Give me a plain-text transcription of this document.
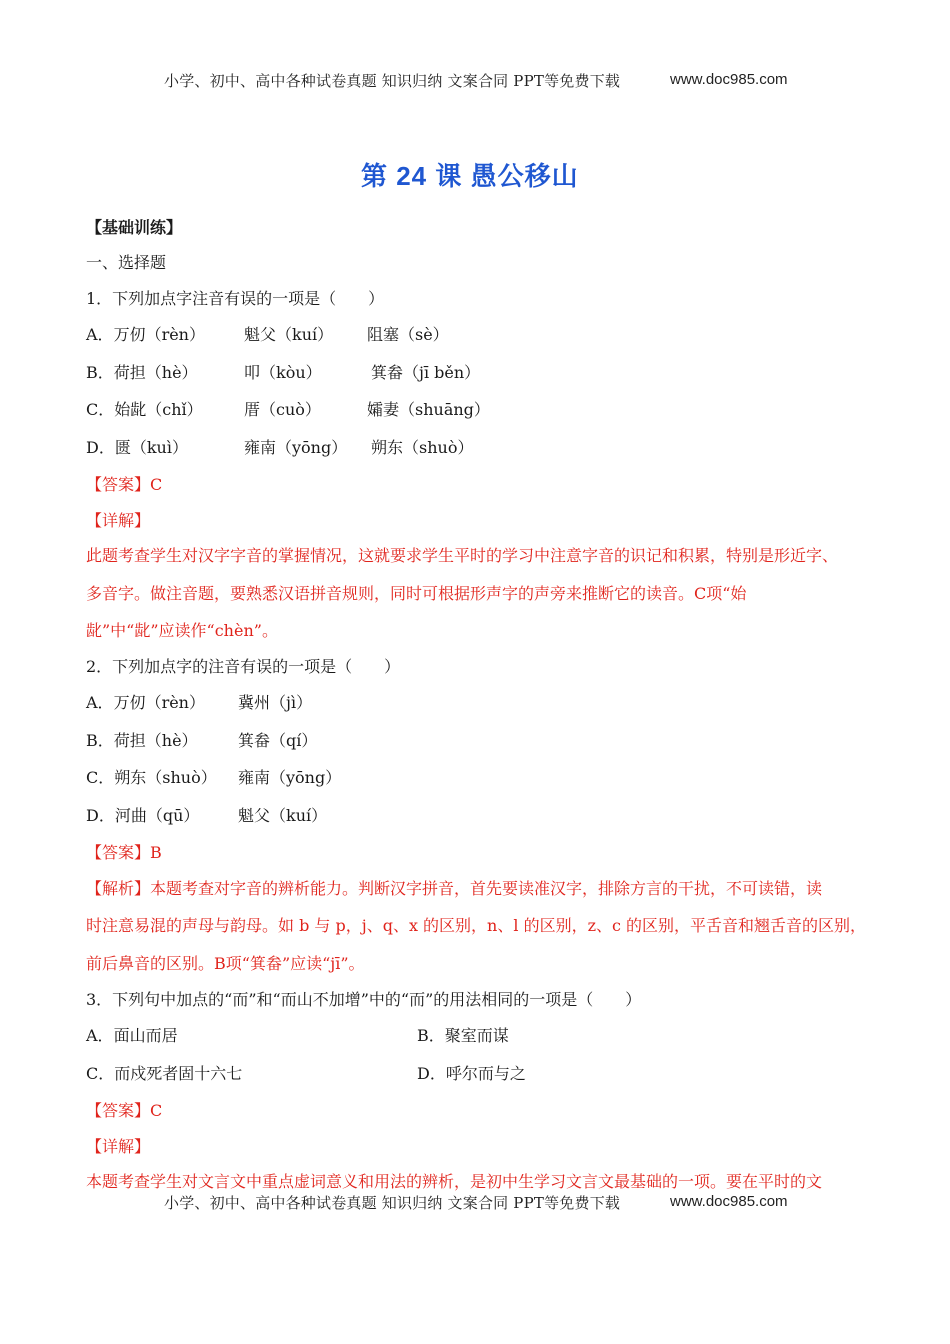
小学、初中、高中各种试卷真题 知识归纳 文案合同 PPT等免费下载	www.doc985.com
第 24 课 愚公移山
【基础训练】
一、选择题
1．下列加点字注音有误的一项是（　　）
A．万仞（rèn） 魁父（kuí） 阻塞（sè）
B．荷担（hè）	叩（kòu）	箕畚（jī běn）
C．始龀（chǐ）	厝（cuò）	孀妻（shuāng）
D．匮（kuì）	雍南（yōng） 朔东（shuò）
【答案】C
【详解】
此题考查学生对汉字字音的掌握情况，这就要求学生平时的学习中注意字音的识记和积累，特别是形近字、
多音字。做注音题，要熟悉汉语拼音规则，同时可根据形声字的声旁来推断它的读音。C项“始
龀”中“龀”应读作“chèn”。
2．下列加点字的注音有误的一项是（　　）
A．万仞（rèn） 冀州（jì）
B．荷担（hè）	箕畚（qí）
C．朔东（shuò） 雍南（yōng）
D．河曲（qū） 魁父（kuí）
【答案】B
【解析】本题考查对字音的辨析能力。判断汉字拼音，首先要读准汉字，排除方言的干扰，不可读错，读
时注意易混的声母与韵母。如 b 与 p，j、q、x 的区别，n、l 的区别，z、c 的区别，平舌音和翘舌音的区别，
前后鼻音的区别。B项“箕畚”应读“jī”。
3．下列句中加点的“而”和“而山不加增”中的“而”的用法相同的一项是（　　）
A．面山而居	B．聚室而谋
C．而戍死者固十六七	D．呼尔而与之
【答案】C
【详解】
本题考查学生对文言文中重点虚词意义和用法的辨析，是初中生学习文言文最基础的一项。要在平时的文
小学、初中、高中各种试卷真题 知识归纳 文案合同 PPT等免费下载	www.doc985.com
